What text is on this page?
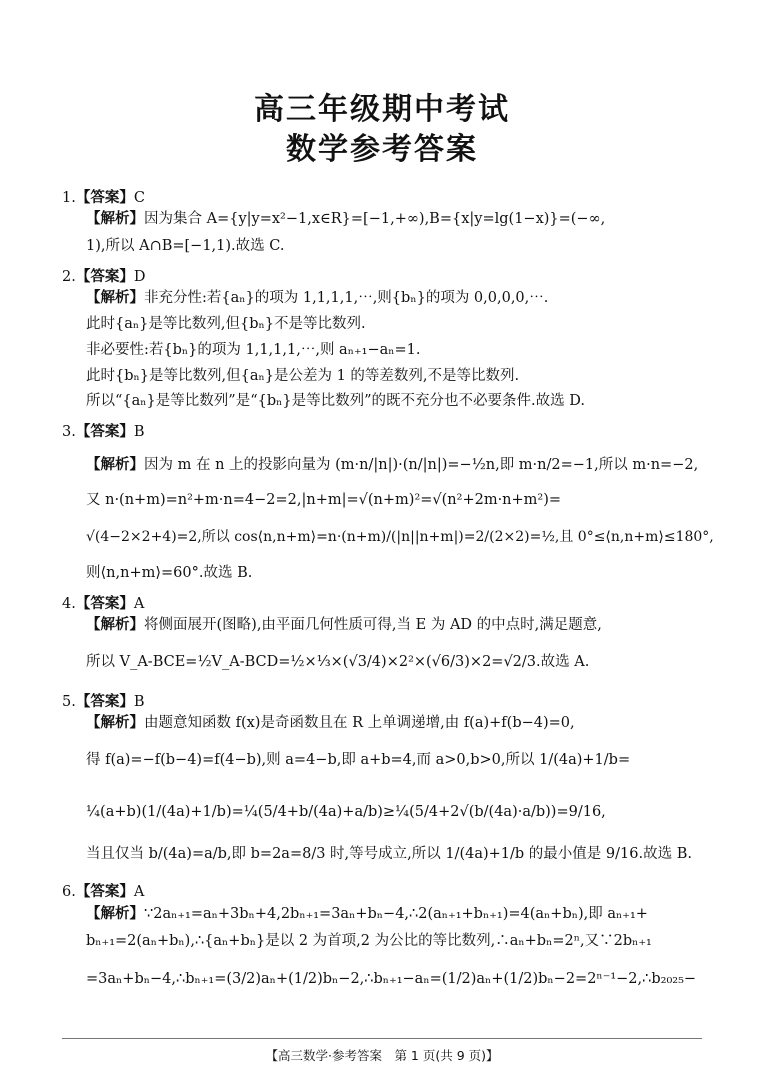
高三年级期中考试
数学参考答案
1.【答案】C
【解析】因为集合 A={y|y=x²−1,x∈R}=[−1,+∞),B={x|y=lg(1−x)}=(−∞,
1),所以 A∩B=[−1,1).故选 C.
2.【答案】D
【解析】非充分性:若{aₙ}的项为 1,1,1,1,⋯,则{bₙ}的项为 0,0,0,0,⋯.
此时{aₙ}是等比数列,但{bₙ}不是等比数列.
非必要性:若{bₙ}的项为 1,1,1,1,⋯,则 aₙ₊₁−aₙ=1.
此时{bₙ}是等比数列,但{aₙ}是公差为 1 的等差数列,不是等比数列.
所以“{aₙ}是等比数列”是“{bₙ}是等比数列”的既不充分也不必要条件.故选 D.
3.【答案】B
【解析】因为 m 在 n 上的投影向量为 (m·n/|n|)·(n/|n|)=−½n,即 m·n/2=−1,所以 m·n=−2,
又 n·(n+m)=n²+m·n=4−2=2,|n+m|=√(n+m)²=√(n²+2m·n+m²)=
√(4−2×2+4)=2,所以 cos⟨n,n+m⟩=n·(n+m)/(|n||n+m|)=2/(2×2)=½,且 0°≤⟨n,n+m⟩≤180°,
则⟨n,n+m⟩=60°.故选 B.
4.【答案】A
【解析】将侧面展开(图略),由平面几何性质可得,当 E 为 AD 的中点时,满足题意,
所以 V_A-BCE=½V_A-BCD=½×⅓×(√3/4)×2²×(√6/3)×2=√2/3.故选 A.
5.【答案】B
【解析】由题意知函数 f(x)是奇函数且在 R 上单调递增,由 f(a)+f(b−4)=0,
得 f(a)=−f(b−4)=f(4−b),则 a=4−b,即 a+b=4,而 a>0,b>0,所以 1/(4a)+1/b=
¼(a+b)(1/(4a)+1/b)=¼(5/4+b/(4a)+a/b)≥¼(5/4+2√(b/(4a)·a/b))=9/16,
当且仅当 b/(4a)=a/b,即 b=2a=8/3 时,等号成立,所以 1/(4a)+1/b 的最小值是 9/16.故选 B.
6.【答案】A
【解析】∵2aₙ₊₁=aₙ+3bₙ+4,2bₙ₊₁=3aₙ+bₙ−4,∴2(aₙ₊₁+bₙ₊₁)=4(aₙ+bₙ),即 aₙ₊₁+
bₙ₊₁=2(aₙ+bₙ),∴{aₙ+bₙ}是以 2 为首项,2 为公比的等比数列,∴aₙ+bₙ=2ⁿ,又∵2bₙ₊₁
=3aₙ+bₙ−4,∴bₙ₊₁=(3/2)aₙ+(1/2)bₙ−2,∴bₙ₊₁−aₙ=(1/2)aₙ+(1/2)bₙ−2=2ⁿ⁻¹−2,∴b₂₀₂₅−
【高三数学·参考答案　第 1 页(共 9 页)】
